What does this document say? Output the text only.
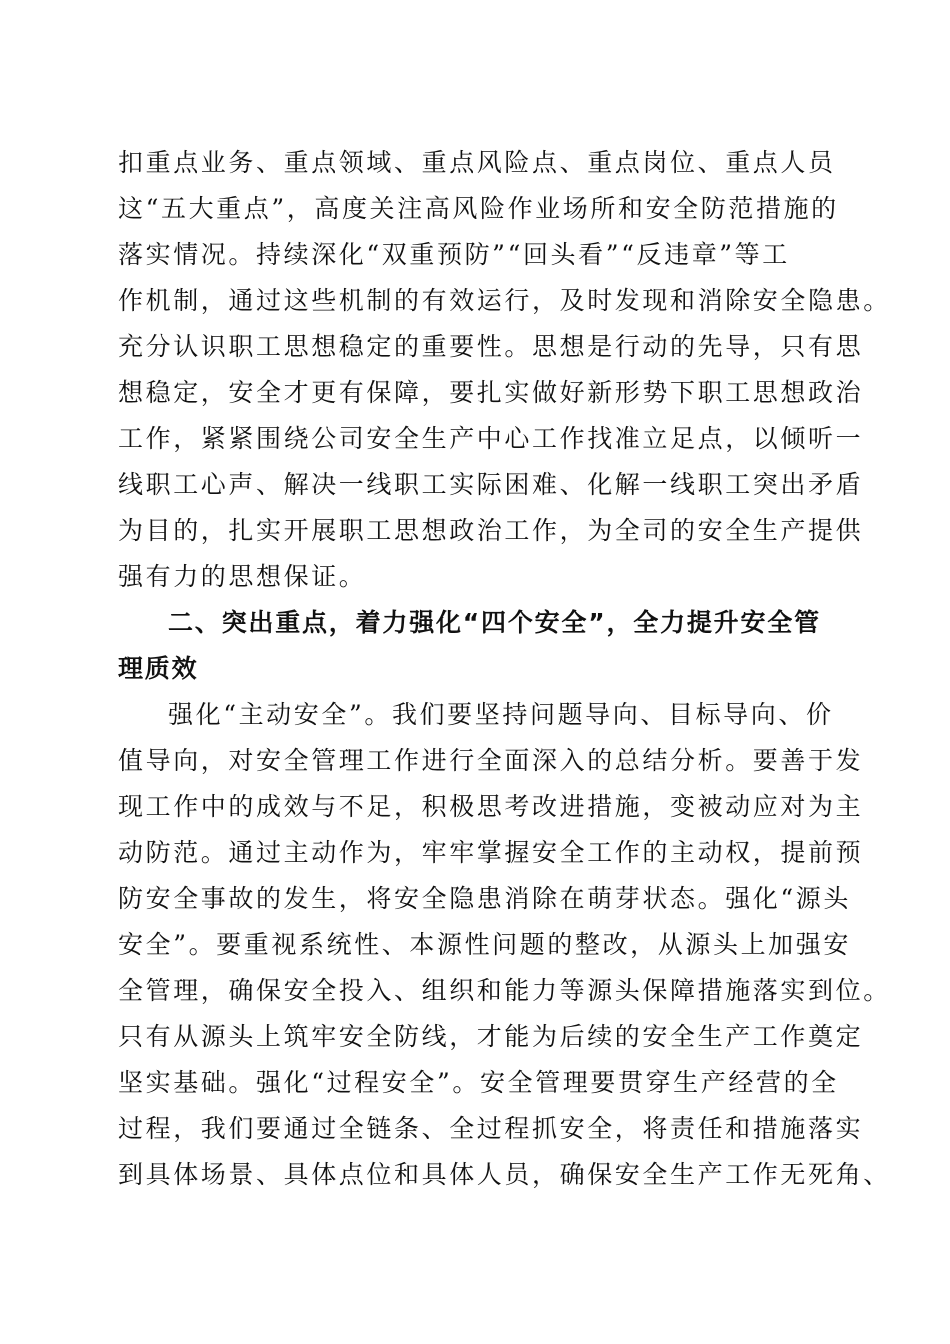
扣重点业务、重点领域、重点风险点、重点岗位、重点人员
这“五大重点”，高度关注高风险作业场所和安全防范措施的
落实情况。持续深化“双重预防”“回头看”“反违章”等工
作机制，通过这些机制的有效运行，及时发现和消除安全隐患。
充分认识职工思想稳定的重要性。思想是行动的先导，只有思
想稳定，安全才更有保障，要扎实做好新形势下职工思想政治
工作，紧紧围绕公司安全生产中心工作找准立足点，以倾听一
线职工心声、解决一线职工实际困难、化解一线职工突出矛盾
为目的，扎实开展职工思想政治工作，为全司的安全生产提供
强有力的思想保证。
二、突出重点，着力强化“四个安全”，全力提升安全管
理质效
强化“主动安全”。我们要坚持问题导向、目标导向、价
值导向，对安全管理工作进行全面深入的总结分析。要善于发
现工作中的成效与不足，积极思考改进措施，变被动应对为主
动防范。通过主动作为，牢牢掌握安全工作的主动权，提前预
防安全事故的发生，将安全隐患消除在萌芽状态。强化“源头
安全”。要重视系统性、本源性问题的整改，从源头上加强安
全管理，确保安全投入、组织和能力等源头保障措施落实到位。
只有从源头上筑牢安全防线，才能为后续的安全生产工作奠定
坚实基础。强化“过程安全”。安全管理要贯穿生产经营的全
过程，我们要通过全链条、全过程抓安全，将责任和措施落实
到具体场景、具体点位和具体人员，确保安全生产工作无死角、
